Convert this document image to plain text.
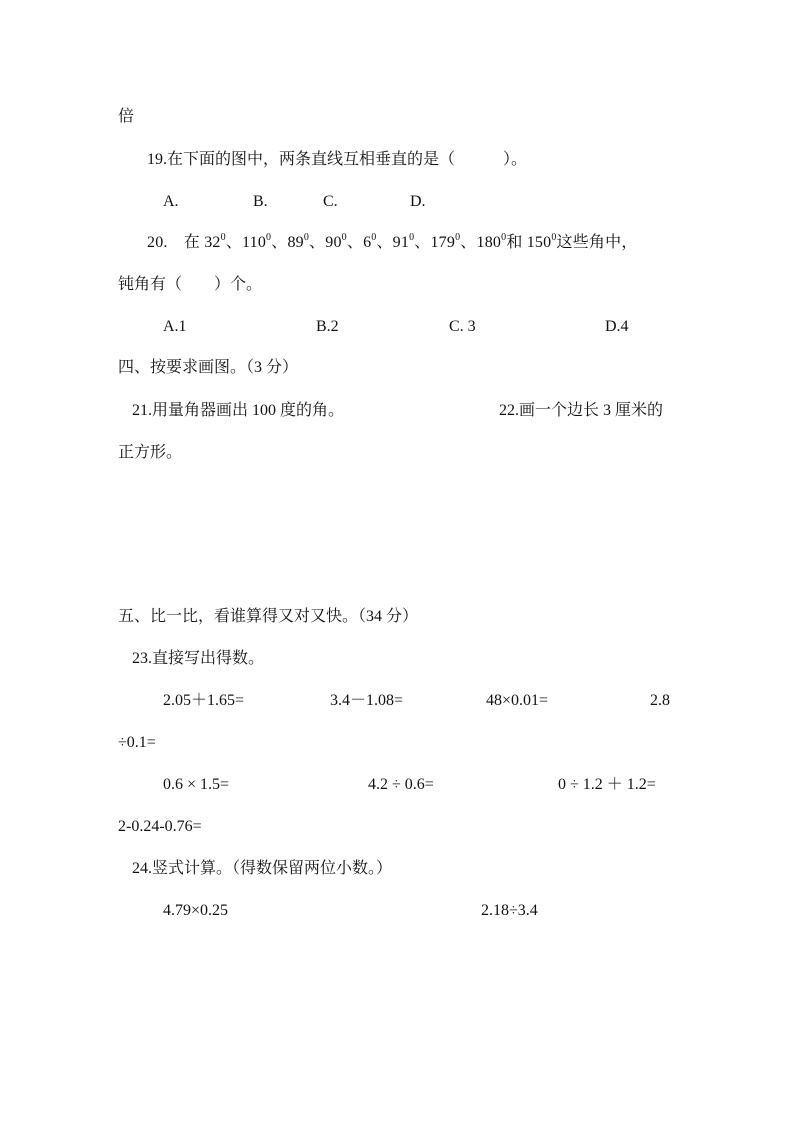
倍
19.在下面的图中，两条直线互相垂直的是（　　　）。
A.	B.	C.	D.
20.　在 $32^0$、$110^0$、$89^0$、$90^0$、$6^0$、$91^0$、$179^0$、$180^0$和 $150^0$这些角中，
钝角有（　　）个。
A.1	B.2	C. 3	D.4
四、按要求画图。（3 分）
21.用量角器画出 100 度的角。	22.画一个边长 3 厘米的
正方形。
五、比一比，看谁算得又对又快。（34 分）
23.直接写出得数。
2.05＋1.65=	3.4－1.08=	48×0.01=	2.8
÷0.1=
0.6 × 1.5=	4.2 ÷ 0.6=	0 ÷ 1.2 ＋ 1.2=
2-0.24-0.76=
24.竖式计算。（得数保留两位小数。）
4.79×0.25	2.18÷3.4
